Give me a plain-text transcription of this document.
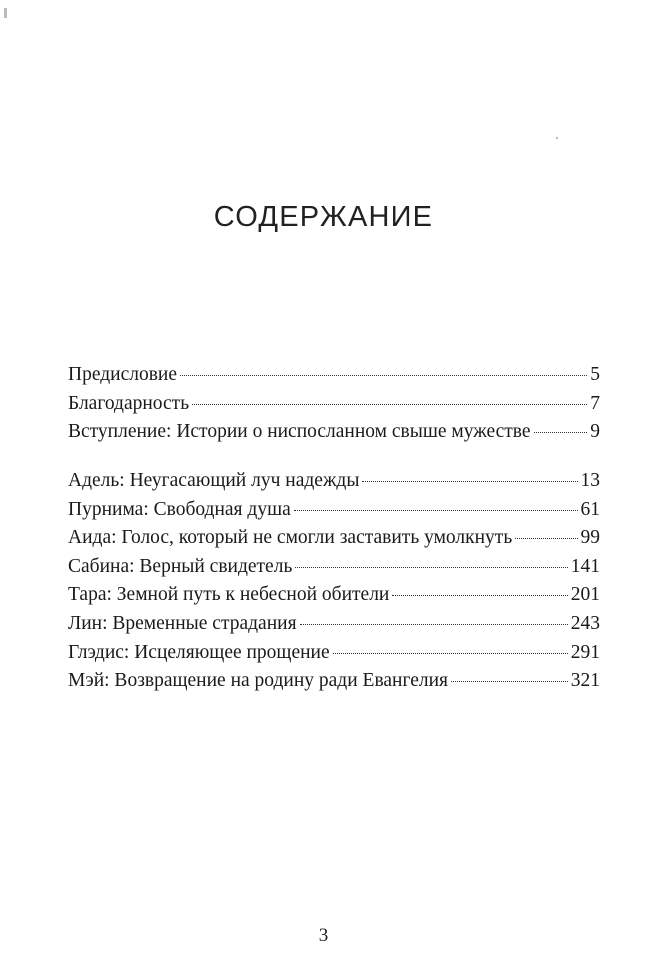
СОДЕРЖАНИЕ
Предисловие	5
Благодарность	7
Вступление: Истории о ниспосланном свыше мужестве	9
Адель: Неугасающий луч надежды	13
Пурнима: Свободная душа	61
Аида: Голос, который не смогли заставить умолкнуть	99
Сабина: Верный свидетель	141
Тара: Земной путь к небесной обители	201
Лин: Временные страдания	243
Глэдис: Исцеляющее прощение	291
Мэй: Возвращение на родину ради Евангелия	321
3
